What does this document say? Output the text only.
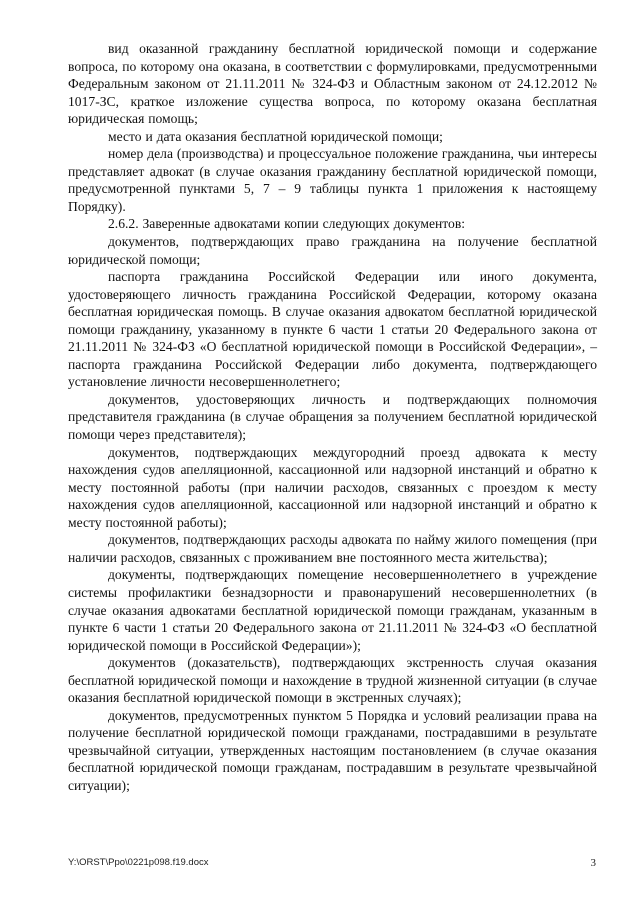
вид оказанной гражданину бесплатной юридической помощи и содержание вопроса, по которому она оказана, в соответствии с формулировками, предусмотренными Федеральным законом от 21.11.2011 № 324-ФЗ и Областным законом от 24.12.2012 № 1017-ЗС, краткое изложение существа вопроса, по которому оказана бесплатная юридическая помощь;

место и дата оказания бесплатной юридической помощи;

номер дела (производства) и процессуальное положение гражданина, чьи интересы представляет адвокат (в случае оказания гражданину бесплатной юридической помощи, предусмотренной пунктами 5, 7 – 9 таблицы пункта 1 приложения к настоящему Порядку).

2.6.2. Заверенные адвокатами копии следующих документов:

документов, подтверждающих право гражданина на получение бесплатной юридической помощи;

паспорта гражданина Российской Федерации или иного документа, удостоверяющего личность гражданина Российской Федерации, которому оказана бесплатная юридическая помощь. В случае оказания адвокатом бесплатной юридической помощи гражданину, указанному в пункте 6 части 1 статьи 20 Федерального закона от 21.11.2011 № 324-ФЗ «О бесплатной юридической помощи в Российской Федерации», – паспорта гражданина Российской Федерации либо документа, подтверждающего установление личности несовершеннолетнего;

документов, удостоверяющих личность и подтверждающих полномочия представителя гражданина (в случае обращения за получением бесплатной юридической помощи через представителя);

документов, подтверждающих междугородний проезд адвоката к месту нахождения судов апелляционной, кассационной или надзорной инстанций и обратно к месту постоянной работы (при наличии расходов, связанных с проездом к месту нахождения судов апелляционной, кассационной или надзорной инстанций и обратно к месту постоянной работы);

документов, подтверждающих расходы адвоката по найму жилого помещения (при наличии расходов, связанных с проживанием вне постоянного места жительства);

документы, подтверждающих помещение несовершеннолетнего в учреждение системы профилактики безнадзорности и правонарушений несовершеннолетних (в случае оказания адвокатами бесплатной юридической помощи гражданам, указанным в пункте 6 части 1 статьи 20 Федерального закона от 21.11.2011 № 324-ФЗ «О бесплатной юридической помощи в Российской Федерации»);

документов (доказательств), подтверждающих экстренность случая оказания бесплатной юридической помощи и нахождение в трудной жизненной ситуации (в случае оказания бесплатной юридической помощи в экстренных случаях);

документов, предусмотренных пунктом 5 Порядка и условий реализации права на получение бесплатной юридической помощи гражданами, пострадавшими в результате чрезвычайной ситуации, утвержденных настоящим постановлением (в случае оказания бесплатной юридической помощи гражданам, пострадавшим в результате чрезвычайной ситуации);

Y:\ORST\Ppo\0221p098.f19.docx	3
